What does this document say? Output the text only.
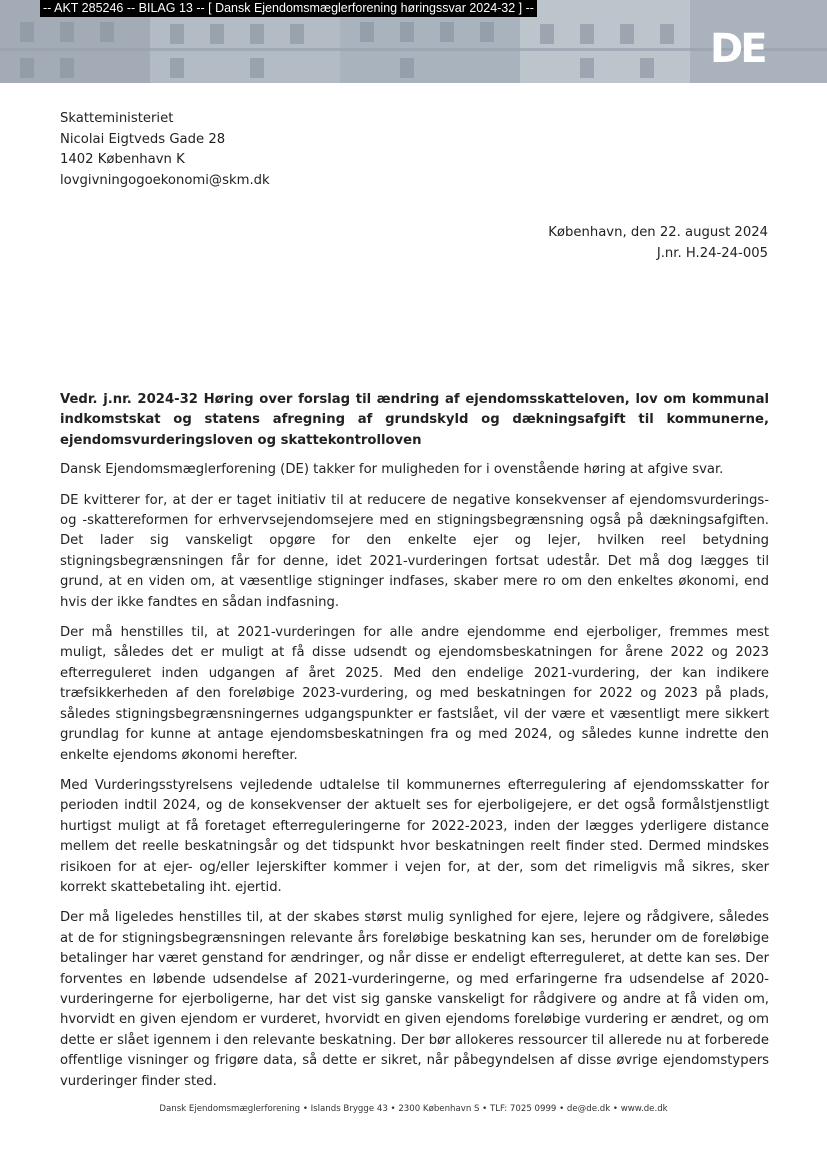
-- AKT 285246 -- BILAG 13 -- [ Dansk Ejendomsmæglerforening høringssvar 2024-32 ] --
DE
Skatteministeriet
Nicolai Eigtveds Gade 28
1402 København K
lovgivningogoekonomi@skm.dk
København, den 22. august 2024
J.nr. H.24-24-005

Vedr. j.nr. 2024-32 Høring over forslag til ændring af ejendomsskatteloven, lov om kommunal indkomstskat og statens afregning af grundskyld og dækningsafgift til kommunerne, ejendomsvurderingsloven og skattekontrolloven

Dansk Ejendomsmæglerforening (DE) takker for muligheden for i ovenstående høring at afgive svar.

DE kvitterer for, at der er taget initiativ til at reducere de negative konsekvenser af ejendomsvurderings- og -skattereformen for erhvervsejendomsejere med en stigningsbegrænsning også på dækningsafgiften. Det lader sig vanskeligt opgøre for den enkelte ejer og lejer, hvilken reel betydning stigningsbegrænsningen får for denne, idet 2021-vurderingen fortsat udestår. Det må dog lægges til grund, at en viden om, at væsentlige stigninger indfases, skaber mere ro om den enkeltes økonomi, end hvis der ikke fandtes en sådan indfasning.

Der må henstilles til, at 2021-vurderingen for alle andre ejendomme end ejerboliger, fremmes mest muligt, således det er muligt at få disse udsendt og ejendomsbeskatningen for årene 2022 og 2023 efterreguleret inden udgangen af året 2025. Med den endelige 2021-vurdering, der kan indikere træfsikkerheden af den foreløbige 2023-vurdering, og med beskatningen for 2022 og 2023 på plads, således stigningsbegrænsningernes udgangspunkter er fastslået, vil der være et væsentligt mere sikkert grundlag for kunne at antage ejendomsbeskatningen fra og med 2024, og således kunne indrette den enkelte ejendoms økonomi herefter.

Med Vurderingsstyrelsens vejledende udtalelse til kommunernes efterregulering af ejendomsskatter for perioden indtil 2024, og de konsekvenser der aktuelt ses for ejerboligejere, er det også formålstjenstligt hurtigst muligt at få foretaget efterreguleringerne for 2022-2023, inden der lægges yderligere distance mellem det reelle beskatningsår og det tidspunkt hvor beskatningen reelt finder sted. Dermed mindskes risikoen for at ejer- og/eller lejerskifter kommer i vejen for, at der, som det rimeligvis må sikres, sker korrekt skattebetaling iht. ejertid.

Der må ligeledes henstilles til, at der skabes størst mulig synlighed for ejere, lejere og rådgivere, således at de for stigningsbegrænsningen relevante års foreløbige beskatning kan ses, herunder om de foreløbige betalinger har været genstand for ændringer, og når disse er endeligt efterreguleret, at dette kan ses. Der forventes en løbende udsendelse af 2021-vurderingerne, og med erfaringerne fra udsendelse af 2020-vurderingerne for ejerboligerne, har det vist sig ganske vanskeligt for rådgivere og andre at få viden om, hvorvidt en given ejendom er vurderet, hvorvidt en given ejendoms foreløbige vurdering er ændret, og om dette er slået igennem i den relevante beskatning. Der bør allokeres ressourcer til allerede nu at forberede offentlige visninger og frigøre data, så dette er sikret, når påbegyndelsen af disse øvrige ejendomstypers vurderinger finder sted.

Dansk Ejendomsmæglerforening • Islands Brygge 43 • 2300 København S • TLF: 7025 0999 • de@de.dk • www.de.dk
